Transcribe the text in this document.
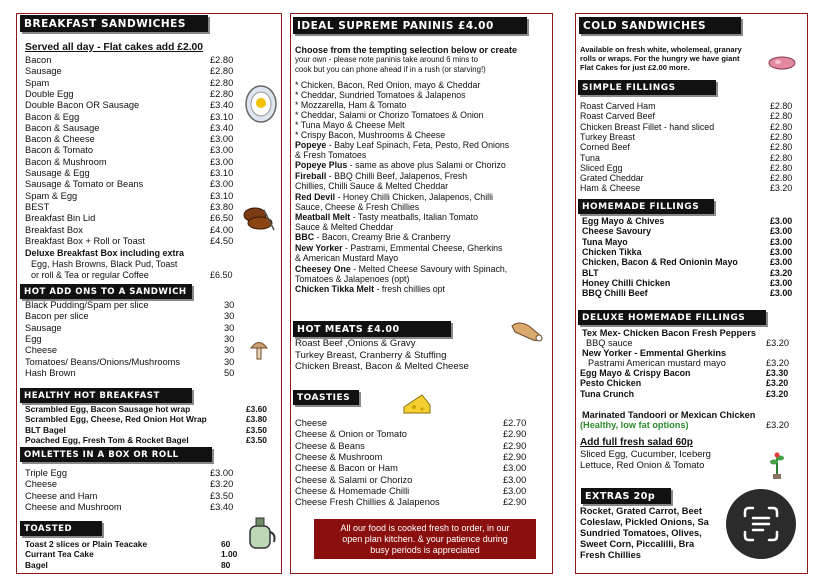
BREAKFAST SANDWICHES
Served all day - Flat cakes add £2.00
Bacon	£2.80
Sausage	£2.80
Spam	£2.80
Double Egg	£2.80
Double Bacon OR Sausage	£3.40
Bacon & Egg	£3.10
Bacon & Sausage	£3.40
Bacon & Cheese	£3.00
Bacon & Tomato	£3.00
Bacon & Mushroom	£3.00
Sausage & Egg	£3.10
Sausage & Tomato or Beans	£3.00
Spam & Egg	£3.10
BEST	£3.80
Breakfast Bin Lid	£6.50
Breakfast Box	£4.00
Breakfast Box + Roll or Toast	£4.50
Deluxe Breakfast Box including extra
Egg, Hash Browns, Black Pud, Toast
or roll & Tea or regular Coffee	£6.50
HOT ADD ONS TO A SANDWICH
Black Pudding/Spam per slice	30
Bacon per slice	30
Sausage	30
Egg	30
Cheese	30
Tomatoes/ Beans/Onions/Mushrooms	30
Hash Brown	50
HEALTHY HOT BREAKFAST
Scrambled Egg, Bacon Sausage hot wrap	£3.60
Scrambled Egg, Cheese, Red Onion Hot Wrap	£3.80
BLT Bagel	£3.50
Poached Egg, Fresh Tom & Rocket Bagel	£3.50
OMLETTES IN A BOX OR ROLL
Triple Egg	£3.00
Cheese	£3.20
Cheese and Ham	£3.50
Cheese and Mushroom	£3.40
TOASTED
Toast 2 slices or Plain Teacake	60
Currant Tea Cake	1.00
Bagel	80
IDEAL SUPREME PANINIS £4.00
Choose from the tempting selection below or create
your own - please note paninis take around 6 mins to
cook but you can phone ahead if in a rush (or starving!)
* Chicken, Bacon, Red Onion, mayo & Cheddar
* Cheddar, Sundried Tomatoes & Jalapenos
* Mozzarella, Ham & Tomato
* Cheddar, Salami or Chorizo Tomatoes & Onion
* Tuna Mayo & Cheese Melt
* Crispy Bacon, Mushrooms & Cheese
Popeye - Baby Leaf Spinach, Feta, Pesto, Red Onions
& Fresh Tomatoes
Popeye Plus - same as above plus Salami or Chorizo
Fireball - BBQ Chilli Beef, Jalapenos, Fresh
Chillies, Chilli Sauce & Melted Cheddar
Red Devil - Honey Chilli Chicken, Jalapenos, Chilli
Sauce, Cheese & Fresh Chillies
Meatball Melt - Tasty meatballs, Italian Tomato
Sauce & Melted Cheddar
BBC - Bacon, Creamy Brie & Cranberry
New Yorker - Pastrami, Emmental Cheese, Gherkins
& American Mustard Mayo
Cheesey One - Melted Cheese Savoury with Spinach,
Tomatoes & Jalapenoes (opt)
Chicken Tikka Melt - fresh chillies opt
HOT MEATS £4.00
Roast Beef ,Onions & Gravy
Turkey Breast, Cranberry & Stuffing
Chicken Breast, Bacon & Melted Cheese
TOASTIES
Cheese	£2.70
Cheese & Onion or Tomato	£2.90
Cheese & Beans	£2.90
Cheese & Mushroom	£2.90
Cheese & Bacon or Ham	£3.00
Cheese & Salami or Chorizo	£3.00
Cheese & Homemade Chilli	£3.00
Cheese Fresh Chillies & Jalapenos	£2.90
All our food is cooked fresh to order, in our
open plan kitchen. & your patience during
busy periods is appreciated
COLD SANDWICHES
Available on fresh white, wholemeal, granary
rolls or wraps. For the hungry we have giant
Flat Cakes for just £2.00 more.
SIMPLE FILLINGS
Roast Carved Ham	£2.80
Roast Carved Beef	£2.80
Chicken Breast Fillet - hand sliced	£2.80
Turkey Breast	£2.80
Corned Beef	£2.80
Tuna	£2.80
Sliced Egg	£2.80
Grated Cheddar	£2.80
Ham & Cheese	£3.20
HOMEMADE FILLINGS
Egg Mayo & Chives	£3.00
Cheese Savoury	£3.00
Tuna Mayo	£3.00
Chicken Tikka	£3.00
Chicken, Bacon & Red Onionin Mayo	£3.00
BLT	£3.20
Honey Chilli Chicken	£3.00
BBQ Chilli Beef	£3.00
DELUXE HOMEMADE FILLINGS
Tex Mex- Chicken Bacon Fresh Peppers
BBQ sauce	£3.20
New Yorker - Emmental Gherkins
Pastrami American mustard mayo	£3.20
Egg Mayo & Crispy Bacon	£3.30
Pesto Chicken	£3.20
Tuna Crunch	£3.20
Marinated Tandoori or Mexican Chicken
(Healthy, low fat options)	£3.20
Add full fresh salad 60p
Sliced Egg, Cucumber, Iceberg
Lettuce, Red Onion & Tomato
EXTRAS 20p
Rocket, Grated Carrot, Beet
Coleslaw, Pickled Onions, Sa
Sundried Tomatoes, Olives,
Sweet Corn, Piccalilli, Bra
Fresh Chillies
